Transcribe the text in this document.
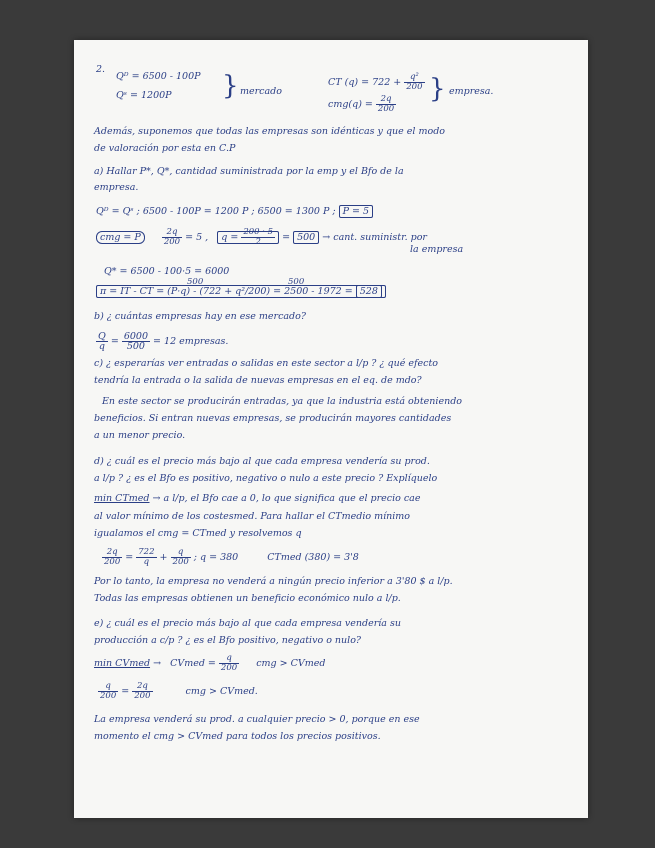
2.
Qᴰ = 6500 - 100P
Qˢ = 1200P } mercado
CT $(q) = 722 + \frac{\text{q²}}{200}$
$cmg(q) = \frac{2q}{200}$
} empresa.
Además, suponemos que todas las empresas son idénticas y que el modo
de valoración por esta en C.P
a) Hallar P*, Q*, cantidad suministrada por la emp y el Bfo de la
empresa.
Qᴰ = Qˢ ; 6500 - 100P = 1200 P ; 6500 = 1300 P ; P = 5
cmg = P $\frac{2q}{200} = 5$ , $q = \frac{200 \cdot 5}{2} = 500$ → cant. suministr. por
la empresa
Q* = 6500 - 100·5 = 6000
500	500
π = IT - CT = (P·q) - (722 + q²/200) = 2500 - 1972 = 528
b) ¿ cuántas empresas hay en ese mercado?
$\frac{Q}{q} = \frac{6000}{500} = 12$ empresas.
c) ¿ esperarías ver entradas o salidas en este sector a l/p ? ¿ qué efecto
tendría la entrada o la salida de nuevas empresas en el eq. de mdo?
En este sector se producirán entradas, ya que la industria está obteniendo
beneficios. Si entran nuevas empresas, se producirán mayores cantidades
a un menor precio.
d) ¿ cuál es el precio más bajo al que cada empresa vendería su prod.
a l/p ? ¿ es el Bfo es positivo, negativo o nulo a este precio ? Explíquelo
min CTmed → a l/p, el Bfo cae a 0, lo que significa que el precio cae
al valor mínimo de los costesmed. Para hallar el CTmedio mínimo
igualamos el cmg = CTmed y resolvemos q
$\frac{2q}{200} = \frac{722}{q} + \frac{q}{200}$ ; q = 380	CTmed (380) = 3'8
Por lo tanto, la empresa no venderá a ningún precio inferior a 3'80 $ a l/p.
Todas las empresas obtienen un beneficio económico nulo a l/p.
e) ¿ cuál es el precio más bajo al que cada empresa vendería su
producción a c/p ? ¿ es el Bfo positivo, negativo o nulo?
min CVmed → CVmed = $\frac{q}{200}$ cmg > CVmed
$\frac{q}{200} = \frac{2q}{200}$	cmg > CVmed.
La empresa venderá su prod. a cualquier precio > 0, porque en ese
momento el cmg > CVmed para todos los precios positivos.
